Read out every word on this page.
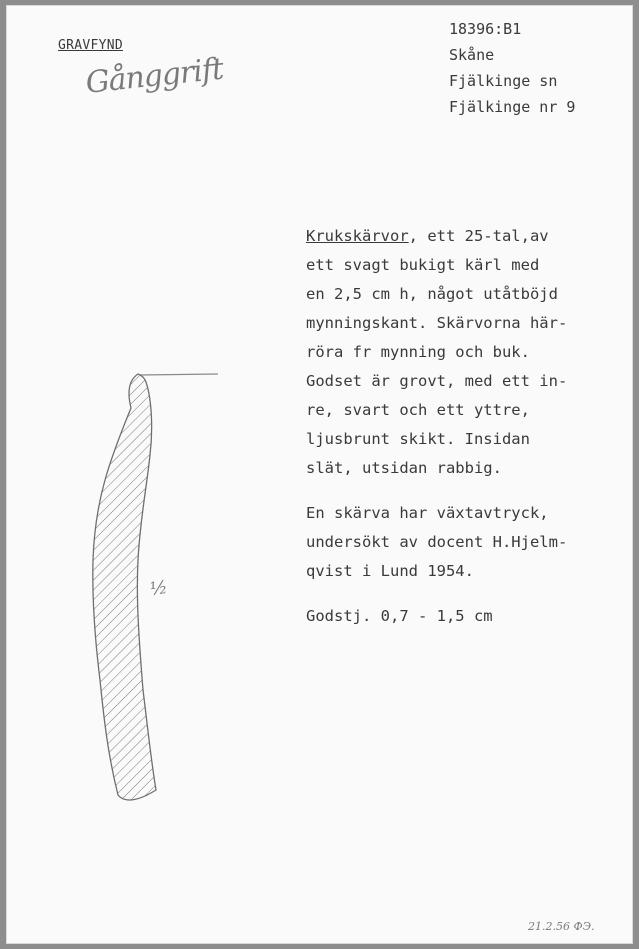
18396:B1
Skåne
Fjälkinge sn
Fjälkinge nr 9
GRAVFYND
Gånggrift
½

Krukskärvor, ett 25-tal,av
ett svagt bukigt kärl med
en 2,5 cm h, något utåtböjd
mynningskant. Skärvorna här-
röra fr mynning och buk.
Godset är grovt, med ett in-
re, svart och ett yttre,
ljusbrunt skikt. Insidan
slät, utsidan rabbig.

En skärva har växtavtryck,
undersökt av docent H.Hjelm-
qvist i Lund 1954.

Godstj. 0,7 - 1,5 cm

21.2.56 ФЭ.
